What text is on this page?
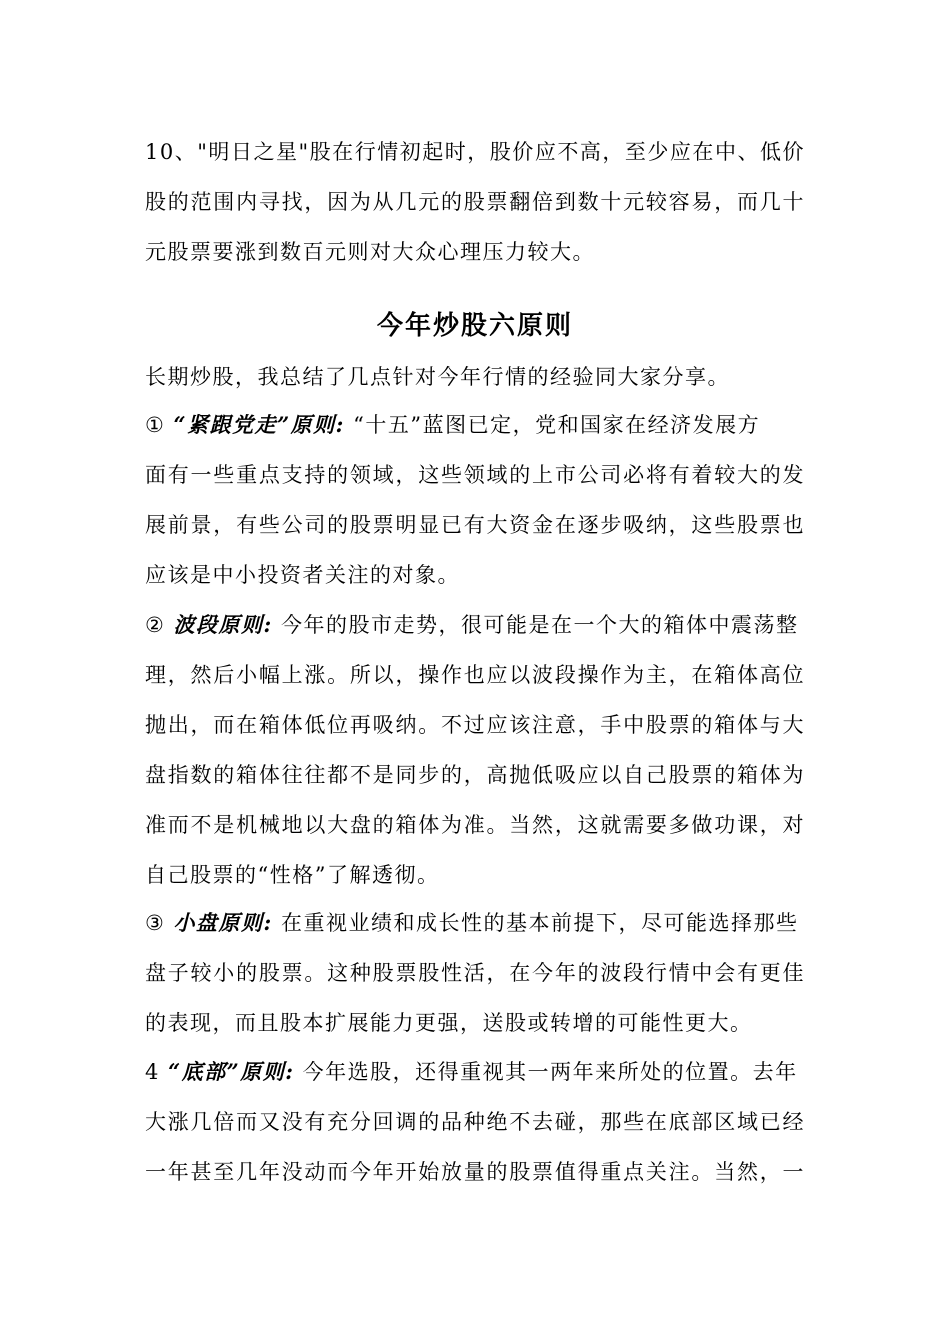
10、"明日之星"股在行情初起时，股价应不高，至少应在中、低价
股的范围内寻找，因为从几元的股票翻倍到数十元较容易，而几十
元股票要涨到数百元则对大众心理压力较大。
今年炒股六原则
长期炒股，我总结了几点针对今年行情的经验同大家分享。
① “紧跟党走”原则: “十五”蓝图已定，党和国家在经济发展方
面有一些重点支持的领域，这些领域的上市公司必将有着较大的发
展前景，有些公司的股票明显已有大资金在逐步吸纳，这些股票也
应该是中小投资者关注的对象。
② 波段原则: 今年的股市走势，很可能是在一个大的箱体中震荡整
理，然后小幅上涨。所以，操作也应以波段操作为主，在箱体高位
抛出，而在箱体低位再吸纳。不过应该注意，手中股票的箱体与大
盘指数的箱体往往都不是同步的，高抛低吸应以自己股票的箱体为
准而不是机械地以大盘的箱体为准。当然，这就需要多做功课，对
自己股票的“性格”了解透彻。
③ 小盘原则: 在重视业绩和成长性的基本前提下，尽可能选择那些
盘子较小的股票。这种股票股性活，在今年的波段行情中会有更佳
的表现，而且股本扩展能力更强，送股或转增的可能性更大。
4 “底部”原则: 今年选股，还得重视其一两年来所处的位置。去年
大涨几倍而又没有充分回调的品种绝不去碰，那些在底部区域已经
一年甚至几年没动而今年开始放量的股票值得重点关注。当然，一
